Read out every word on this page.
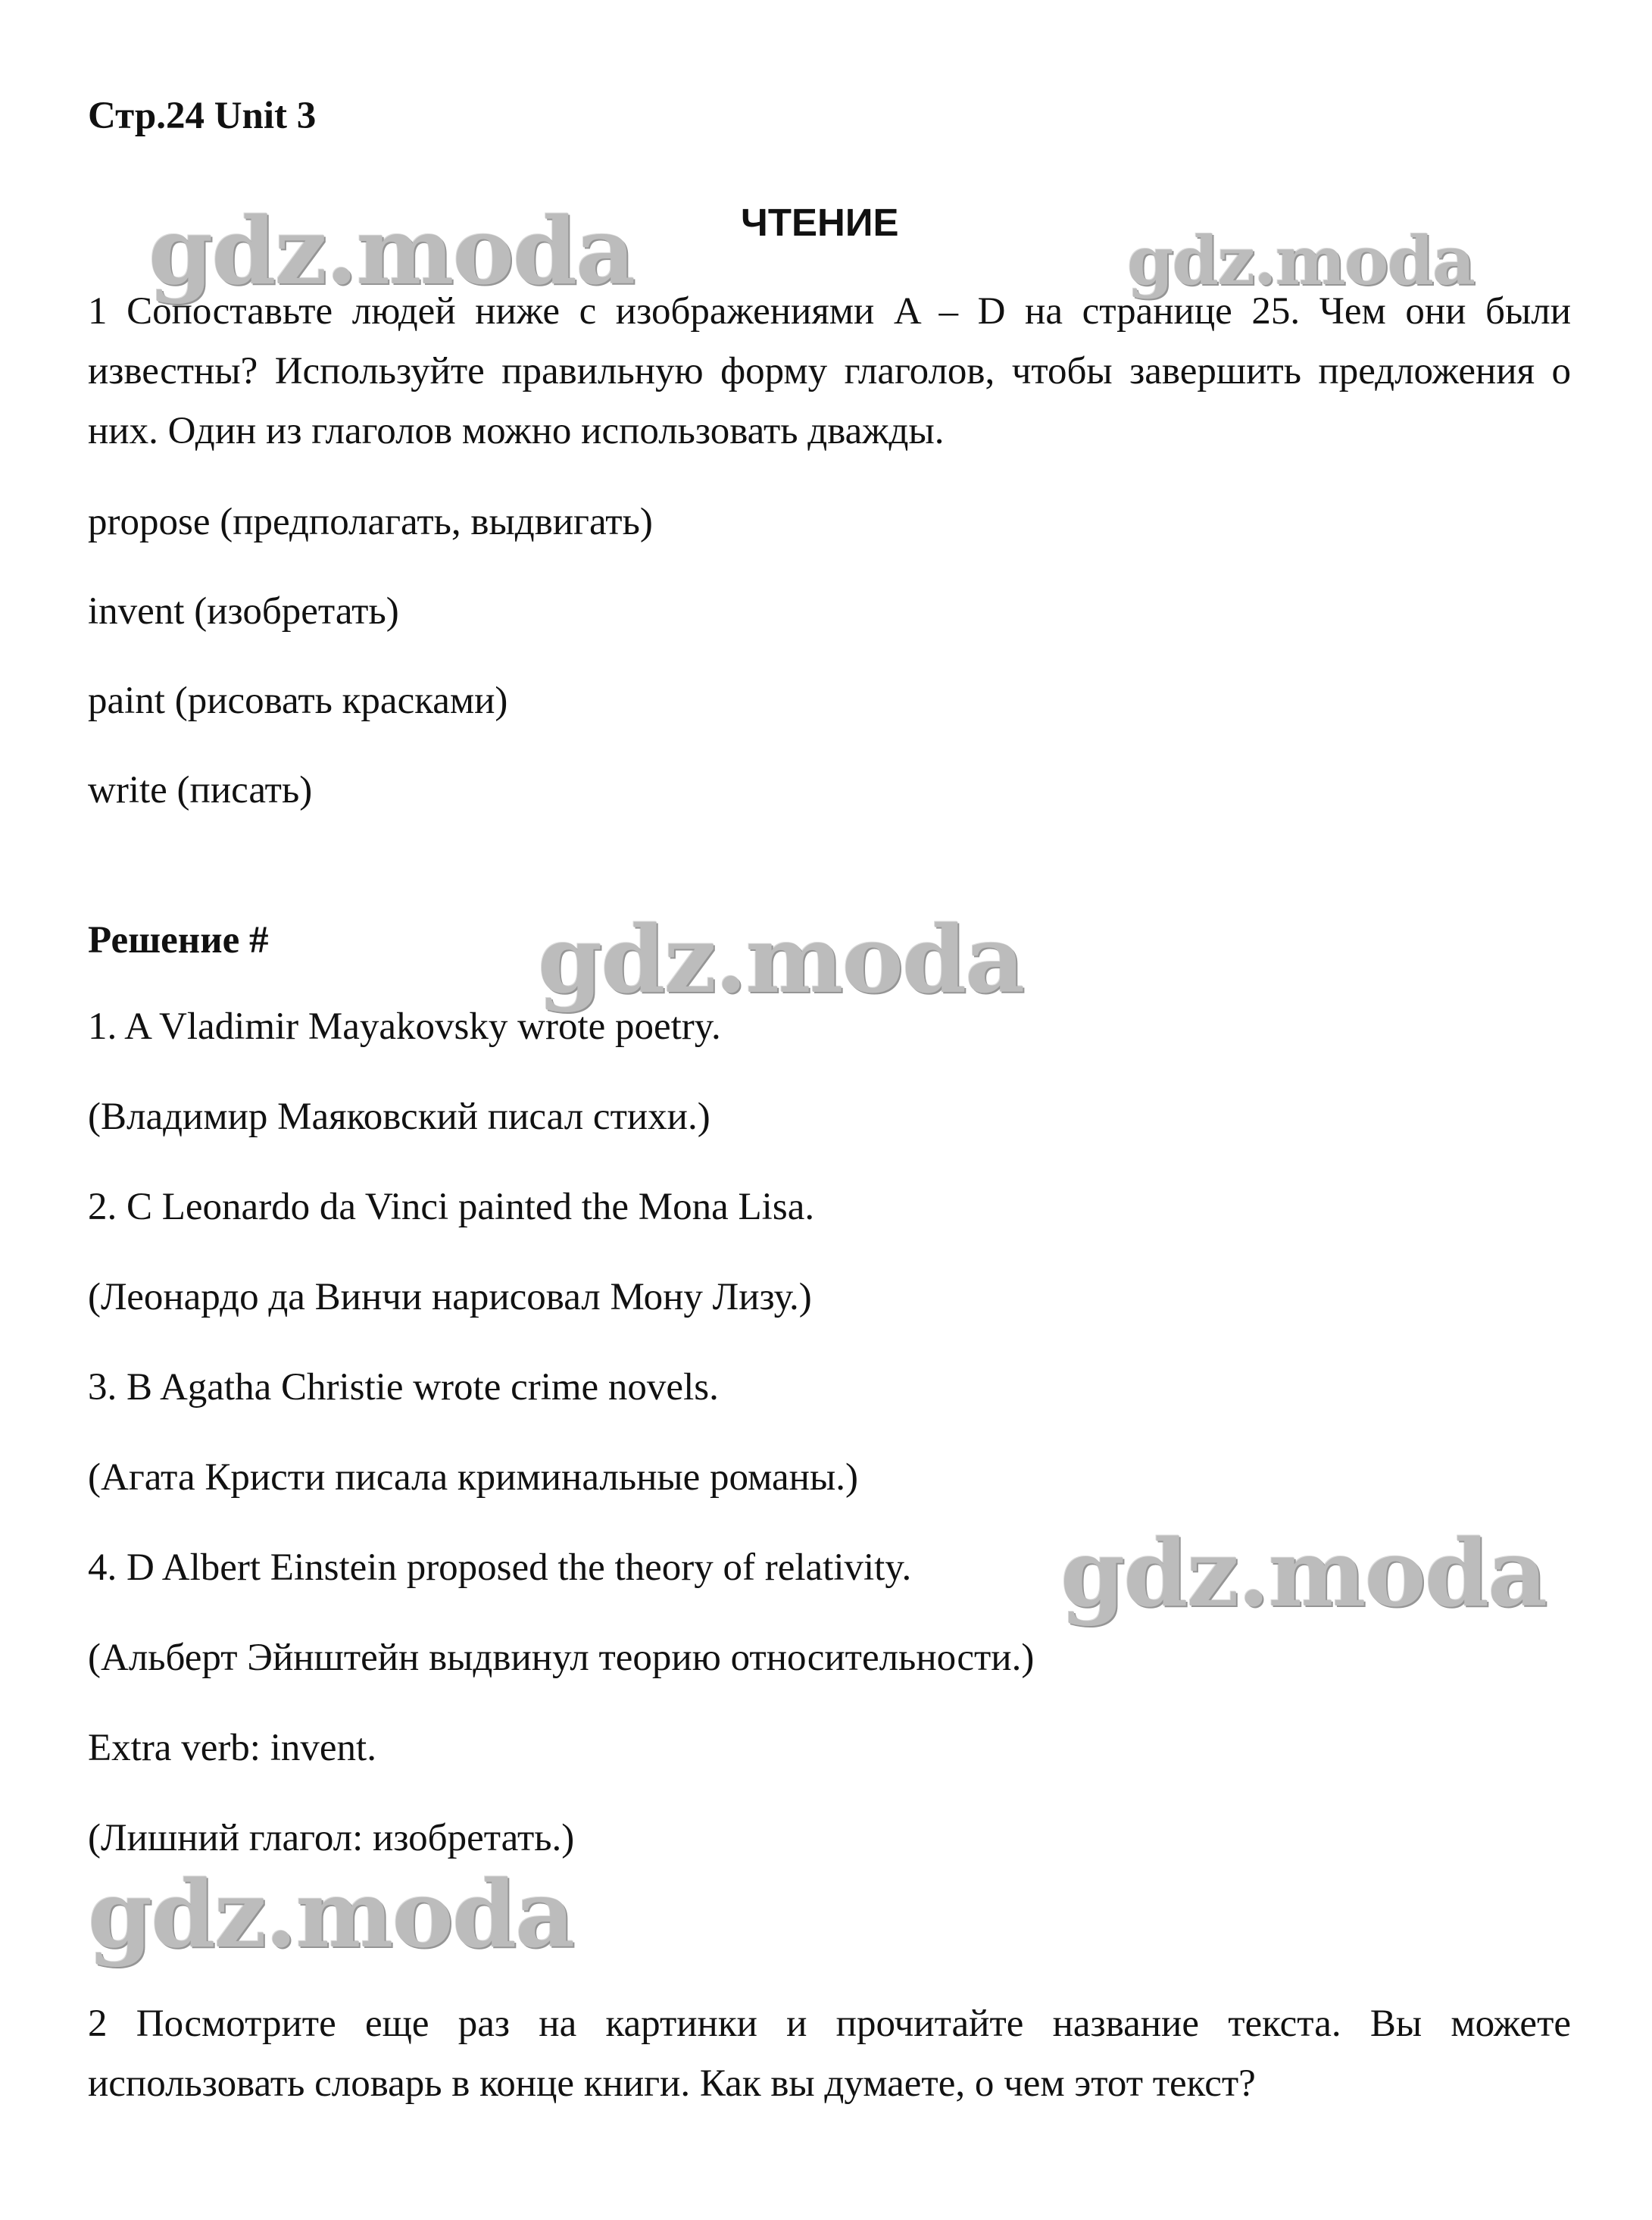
Стр.24 Unit 3
gdz.moda	gdz.moda
gdz.moda
gdz.moda
gdz.moda
ЧТЕНИЕ

1 Сопоставьте людей ниже с изображениями A – D на странице 25. Чем они были известны? Используйте правильную форму глаголов, чтобы завершить предложения о них. Один из глаголов можно использовать дважды.

propose (предполагать, выдвигать)
invent (изобретать)
paint (рисовать красками)
write (писать)
Решение #
1. A Vladimir Mayakovsky wrote poetry.
(Владимир Маяковский писал стихи.)
2. C Leonardo da Vinci painted the Mona Lisa.
(Леонардо да Винчи нарисовал Мону Лизу.)
3. B Agatha Christie wrote crime novels.
(Агата Кристи писала криминальные романы.)
4. D Albert Einstein proposed the theory of relativity.
(Альберт Эйнштейн выдвинул теорию относительности.)
Extra verb: invent.
(Лишний глагол: изобретать.)

2 Посмотрите еще раз на картинки и прочитайте название текста. Вы можете использовать словарь в конце книги. Как вы думаете, о чем этот текст?
